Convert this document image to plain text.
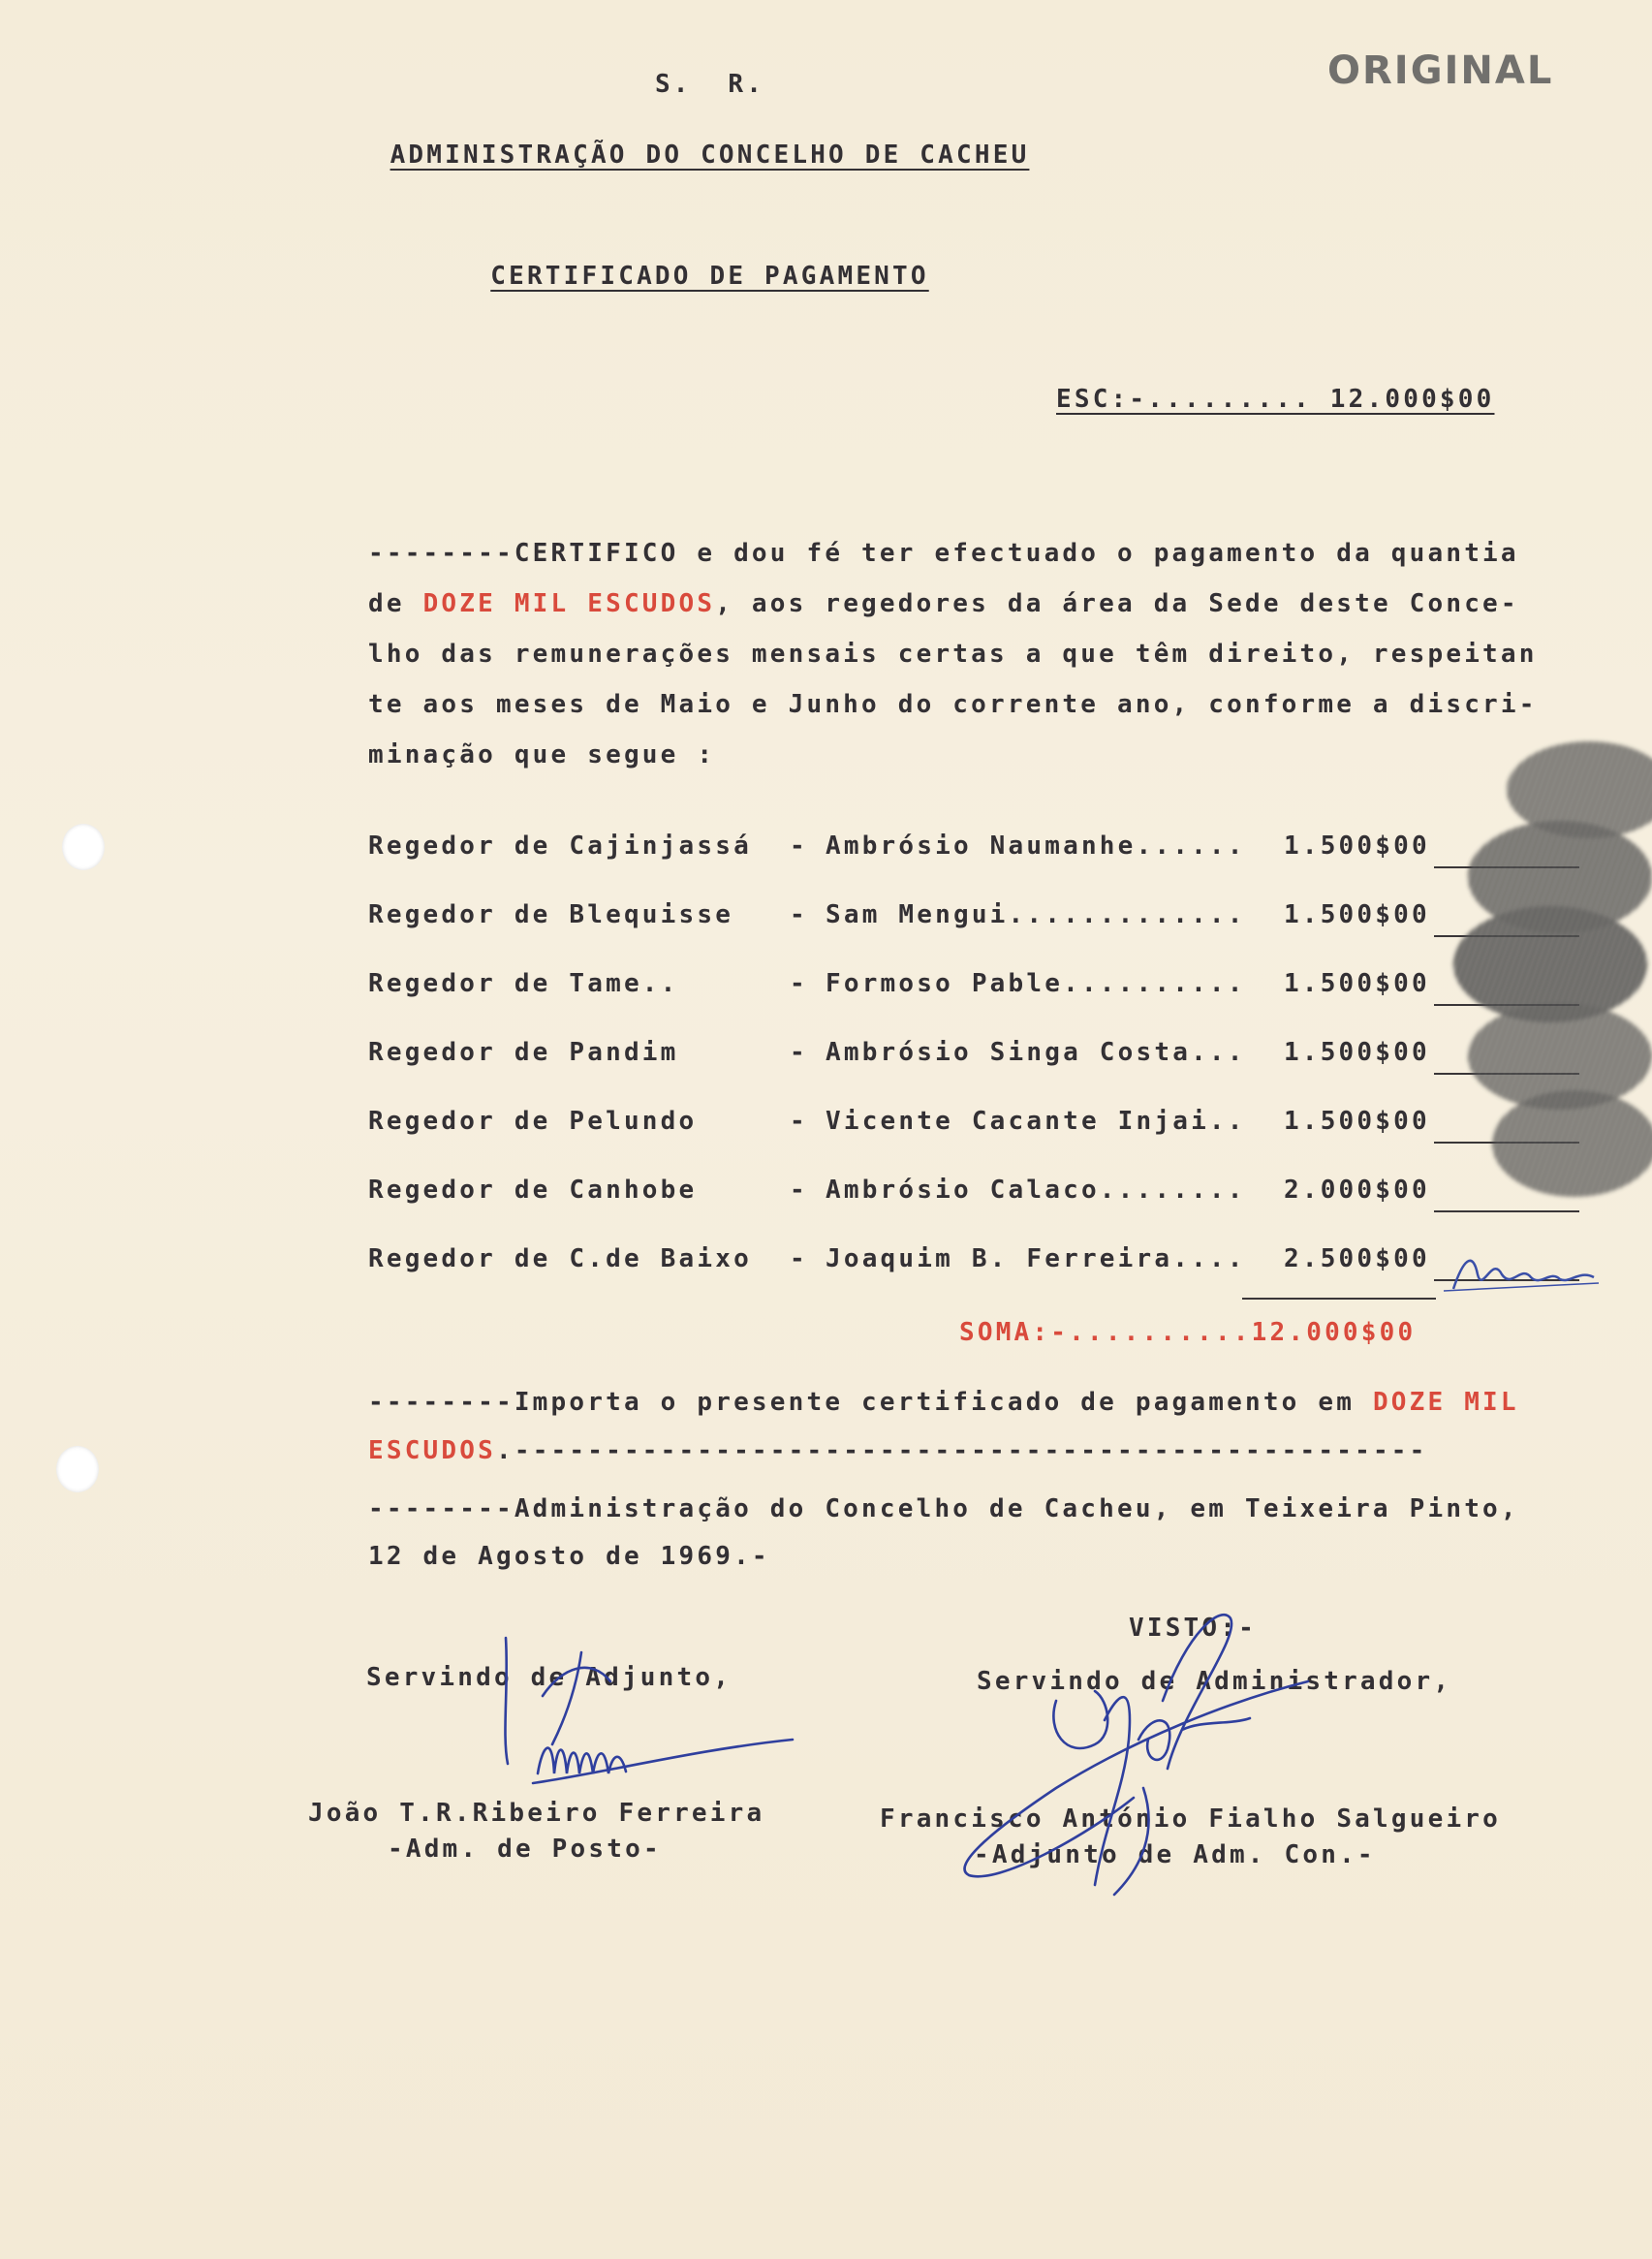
ORIGINAL
S.  R.
ADMINISTRAÇÃO DO CONCELHO DE CACHEU
CERTIFICADO DE PAGAMENTO
ESC:-......... 12.000$00
--------CERTIFICO e dou fé ter efectuado o pagamento da quantia
de DOZE MIL ESCUDOS, aos regedores da área da Sede deste Conce-
lho das remunerações mensais certas a que têm direito, respeitan
te aos meses de Maio e Junho do corrente ano, conforme a discri-
minação que segue :
Regedor de Cajinjassá - Ambrósio Naumanhe...... 1.500$00
Regedor de Blequisse - Sam Mengui............. 1.500$00
Regedor de Tame..	- Formoso Pable.......... 1.500$00
Regedor de Pandim	- Ambrósio Singa Costa... 1.500$00
Regedor de Pelundo	- Vicente Cacante Injai.. 1.500$00
Regedor de Canhobe	- Ambrósio Calaco........ 2.000$00
Regedor de C.de Baixo - Joaquim B. Ferreira.... 2.500$00
SOMA:-..........12.000$00
--------Importa o presente certificado de pagamento em DOZE MIL
ESCUDOS.--------------------------------------------------
--------Administração do Concelho de Cacheu, em Teixeira Pinto,
12 de Agosto de 1969.-
VISTO:-
Servindo de Adjunto,	Servindo de Administrador,
João T.R.Ribeiro Ferreira
-Adm. de Posto-
Francisco António Fialho Salgueiro
-Adjunto de Adm. Con.-
